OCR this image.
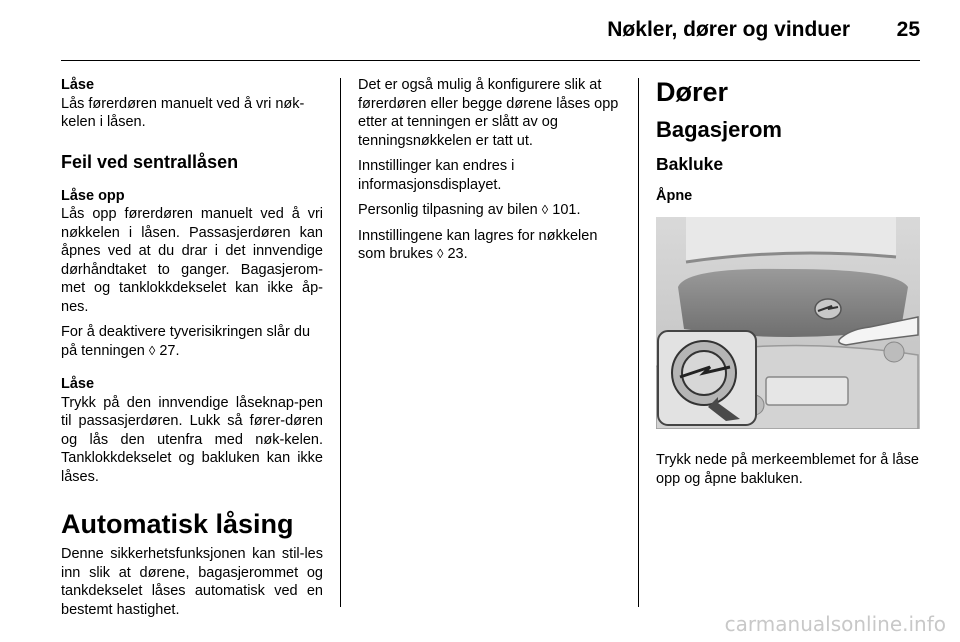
Nøkler, dører og vinduer	25
Låse

Lås førerdøren manuelt ved å vri nøk-
kelen i låsen.

Feil ved sentrallåsen
Låse opp

Lås opp førerdøren manuelt ved å vri nøkkelen i låsen. Passasjerdøren kan åpnes ved at du drar i det innvendige dørhåndtaket to ganger. Bagasjerom-met og tanklokkdekselet kan ikke åp-nes.

For å deaktivere tyverisikringen slår du på tenningen ◊ 27.

Låse

Trykk på den innvendige låseknap-pen til passasjerdøren. Lukk så fører-døren og lås den utenfra med nøk-kelen. Tanklokkdekselet og bakluken kan ikke låses.

Automatisk låsing

Denne sikkerhetsfunksjonen kan stil-les inn slik at dørene, bagasjerommet og tankdekselet låses automatisk ved en bestemt hastighet.

Det er også mulig å konfigurere slik at førerdøren eller begge dørene låses opp etter at tenningen er slått av og tenningsnøkkelen er tatt ut.

Innstillinger kan endres i informasjonsdisplayet.

Personlig tilpasning av bilen ◊ 101.

Innstillingene kan lagres for nøkkelen som brukes ◊ 23.

Dører
Bagasjerom
Bakluke
Åpne

Trykk nede på merkeemblemet for å låse opp og åpne bakluken.

carmanualsonline.info
